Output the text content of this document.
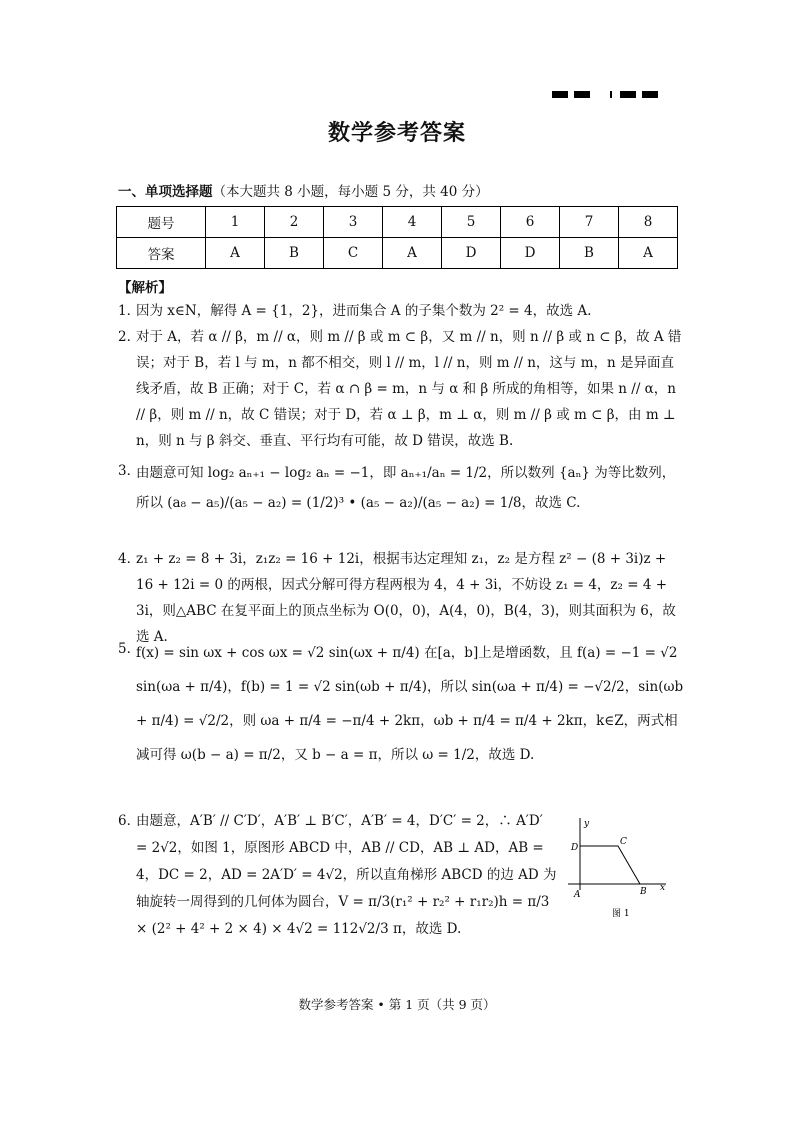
数学参考答案
一、单项选择题（本大题共 8 小题，每小题 5 分，共 40 分）
题号	1	2	3	4	5	6	7	8
答案	A	B	C	A	D	D	B	A
【解析】
1．
因为 x∈N，解得 A = {1，2}，进而集合 A 的子集个数为 2² = 4，故选 A.
2．
对于 A，若 α // β，m // α，则 m // β 或 m ⊂ β，又 m // n，则 n // β 或 n ⊂ β，故 A 错误；对于 B，若 l 与 m，n 都不相交，则 l // m，l // n，则 m // n，这与 m，n 是异面直线矛盾，故 B 正确；对于 C，若 α ∩ β = m，n 与 α 和 β 所成的角相等，如果 n // α，n // β，则 m // n，故 C 错误；对于 D，若 α ⊥ β，m ⊥ α，则 m // β 或 m ⊂ β，由 m ⊥ n，则 n 与 β 斜交、垂直、平行均有可能，故 D 错误，故选 B.
3．
由题意可知 log₂ aₙ₊₁ − log₂ aₙ = −1，即 aₙ₊₁/aₙ = 1/2，所以数列 {aₙ} 为等比数列，所以 (a₈ − a₅)/(a₅ − a₂) = (1/2)³ • (a₅ − a₂)/(a₅ − a₂) = 1/8，故选 C.
4．
z₁ + z₂ = 8 + 3i，z₁z₂ = 16 + 12i，根据韦达定理知 z₁，z₂ 是方程 z² − (8 + 3i)z + 16 + 12i = 0 的两根，因式分解可得方程两根为 4，4 + 3i，不妨设 z₁ = 4，z₂ = 4 + 3i，则△ABC 在复平面上的顶点坐标为 O(0，0)，A(4，0)，B(4，3)，则其面积为 6，故选 A.
5．
f(x) = sin ωx + cos ωx = √2 sin(ωx + π/4) 在[a，b]上是增函数，且 f(a) = −1 = √2 sin(ωa + π/4)，f(b) = 1 = √2 sin(ωb + π/4)，所以 sin(ωa + π/4) = −√2/2，sin(ωb + π/4) = √2/2，则 ωa + π/4 = −π/4 + 2kπ，ωb + π/4 = π/4 + 2kπ，k∈Z，两式相减可得 ω(b − a) = π/2，又 b − a = π，所以 ω = 1/2，故选 D.
6．
由题意，A′B′ // C′D′，A′B′ ⊥ B′C′，A′B′ = 4，D′C′ = 2，∴ A′D′ = 2√2，如图 1，原图形 ABCD 中，AB // CD，AB ⊥ AD，AB = 4，DC = 2，AD = 2A′D′ = 4√2，所以直角梯形 ABCD 的边 AD 为轴旋转一周得到的几何体为圆台，V = π/3(r₁² + r₂² + r₁r₂)h = π/3 × (2² + 4² + 2 × 4) × 4√2 = 112√2/3 π，故选 D.
y
x
D
C
A	B
图 1
数学参考答案 • 第 1 页（共 9 页）
